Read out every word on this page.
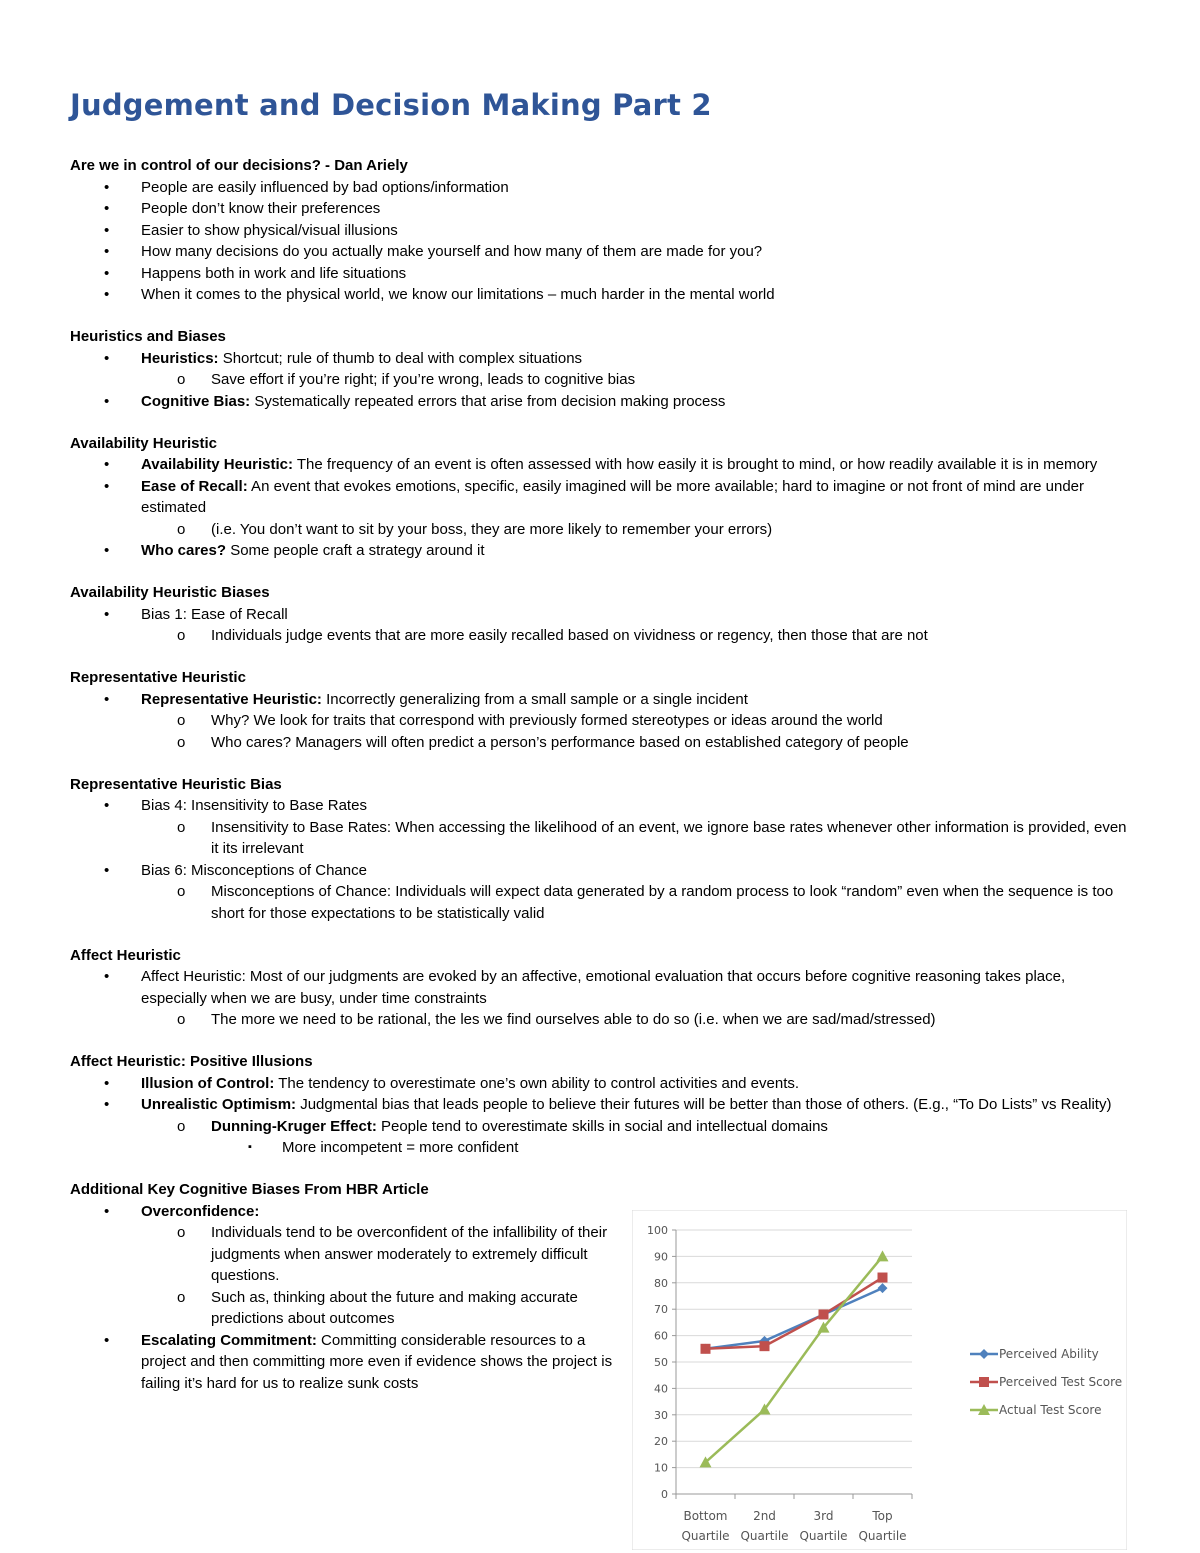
Judgement and Decision Making Part 2
Are we in control of our decisions? - Dan Ariely
• People are easily influenced by bad options/information
• People don’t know their preferences
• Easier to show physical/visual illusions
• How many decisions do you actually make yourself and how many of them are made for you?
• Happens both in work and life situations
• When it comes to the physical world, we know our limitations – much harder in the mental world
Heuristics and Biases
• Heuristics: Shortcut; rule of thumb to deal with complex situations
o Save effort if you’re right; if you’re wrong, leads to cognitive bias
• Cognitive Bias: Systematically repeated errors that arise from decision making process
Availability Heuristic
• Availability Heuristic: The frequency of an event is often assessed with how easily it is brought to mind, or how readily available it is in memory
• Ease of Recall: An event that evokes emotions, specific, easily imagined will be more available; hard to imagine or not front of mind are under estimated
o (i.e. You don’t want to sit by your boss, they are more likely to remember your errors)
• Who cares? Some people craft a strategy around it
Availability Heuristic Biases
• Bias 1: Ease of Recall
o Individuals judge events that are more easily recalled based on vividness or regency, then those that are not
Representative Heuristic
• Representative Heuristic: Incorrectly generalizing from a small sample or a single incident
o Why? We look for traits that correspond with previously formed stereotypes or ideas around the world
o Who cares? Managers will often predict a person’s performance based on established category of people
Representative Heuristic Bias
• Bias 4: Insensitivity to Base Rates
o Insensitivity to Base Rates: When accessing the likelihood of an event, we ignore base rates whenever other information is provided, even it its irrelevant
• Bias 6: Misconceptions of Chance
o Misconceptions of Chance: Individuals will expect data generated by a random process to look “random” even when the sequence is too short for those expectations to be statistically valid
Affect Heuristic
• Affect Heuristic: Most of our judgments are evoked by an affective, emotional evaluation that occurs before cognitive reasoning takes place, especially when we are busy, under time constraints
o The more we need to be rational, the les we find ourselves able to do so (i.e. when we are sad/mad/stressed)
Affect Heuristic: Positive Illusions
• Illusion of Control: The tendency to overestimate one’s own ability to control activities and events.
• Unrealistic Optimism: Judgmental bias that leads people to believe their futures will be better than those of others. (E.g., “To Do Lists” vs Reality)
o Dunning-Kruger Effect: People tend to overestimate skills in social and intellectual domains
▪ More incompetent = more confident
Additional Key Cognitive Biases From HBR Article
• Overconfidence:
o Individuals tend to be overconfident of the infallibility of their judgments when answer moderately to extremely difficult questions.
o Such as, thinking about the future and making accurate predictions about outcomes
• Escalating Commitment: Committing considerable resources to a project and then committing more even if evidence shows the project is failing it’s hard for us to realize sunk costs
0
10
20
30
40
50
60
70
80
90
100
Bottom
Quartile
2nd
Quartile
3rd
Quartile
Top
Quartile
Perceived Ability
Perceived Test Score
Actual Test Score
